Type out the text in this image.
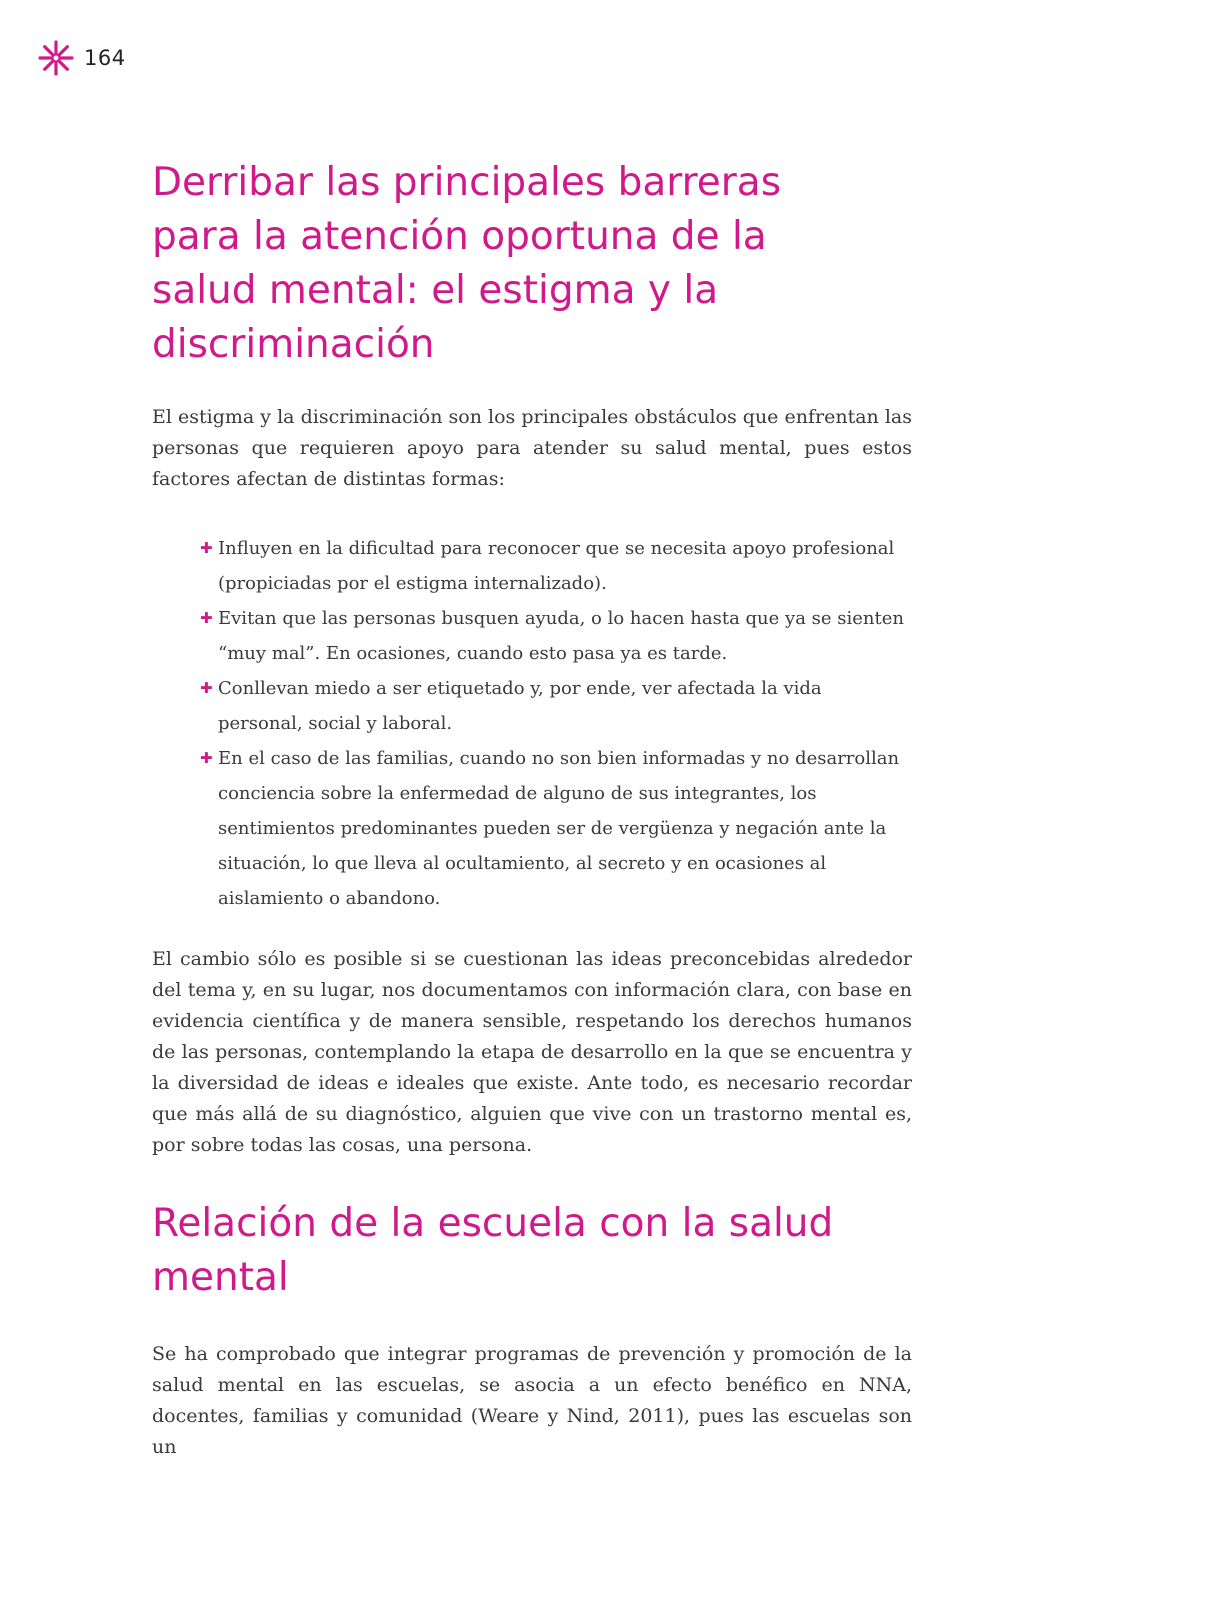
164
Derribar las principales barreras para la atención oportuna de la salud mental: el estigma y la discriminación

El estigma y la discriminación son los principales obstáculos que enfrentan las personas que requieren apoyo para atender su salud mental, pues estos factores afectan de distintas formas:

✚ Influyen en la dificultad para reconocer que se necesita apoyo profesional (propiciadas por el estigma internalizado).
✚ Evitan que las personas busquen ayuda, o lo hacen hasta que ya se sienten “muy mal”. En ocasiones, cuando esto pasa ya es tarde.
✚ Conllevan miedo a ser etiquetado y, por ende, ver afectada la vida personal, social y laboral.
✚ En el caso de las familias, cuando no son bien informadas y no desarrollan conciencia sobre la enfermedad de alguno de sus integrantes, los sentimientos predominantes pueden ser de vergüenza y negación ante la situación, lo que lleva al ocultamiento, al secreto y en ocasiones al aislamiento o abandono.

El cambio sólo es posible si se cuestionan las ideas preconcebidas alrededor del tema y, en su lugar, nos documentamos con información clara, con base en evidencia científica y de manera sensible, respetando los derechos humanos de las personas, contemplando la etapa de desarrollo en la que se encuentra y la diversidad de ideas e ideales que existe. Ante todo, es necesario recordar que más allá de su diagnóstico, alguien que vive con un trastorno mental es, por sobre todas las cosas, una persona.

Relación de la escuela con la salud mental

Se ha comprobado que integrar programas de prevención y promoción de la salud mental en las escuelas, se asocia a un efecto benéfico en NNA, docentes, familias y comunidad (Weare y Nind, 2011), pues las escuelas son un
